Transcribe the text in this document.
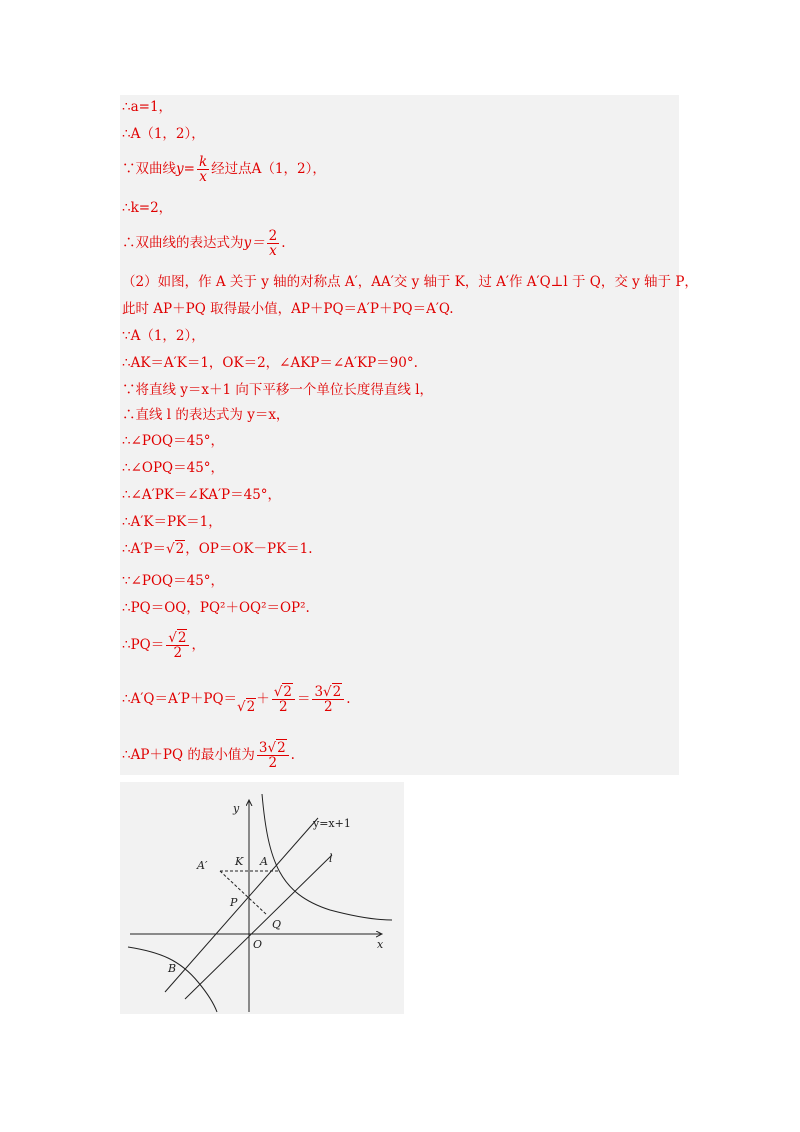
∴a=1，
∴A（1，2），
∵双曲线$y= \frac{k}{x}$ 经过点A（1，2），
∴k=2，
∴双曲线的表达式为$y= \frac{2}{x}$ .
（2）如图，作 A 关于 y 轴的对称点 A′，AA′交 y 轴于 K，过 A′作 A′Q⊥l 于 Q，交 y 轴于 P，
此时 AP＋PQ 取得最小值，AP＋PQ＝A′P＋PQ＝A′Q.
∵A（1，2），
∴AK＝A′K＝1，OK＝2，∠AKP＝∠A′KP＝90°.
∵将直线 y＝x＋1 向下平移一个单位长度得直线 l，
∴直线 l 的表达式为 y＝x，
∴∠POQ＝45°，
∴∠OPQ＝45°，
∴∠A′PK＝∠KA′P＝45°，
∴A′K＝PK＝1，
∴A′P＝√2，OP＝OK－PK＝1.
∵∠POQ＝45°，
∴PQ＝OQ，PQ²＋OQ²＝OP².
∴PQ＝ $\frac{√2}{2}$ ，
∴A′Q＝A′P＋PQ＝√2＋ $\frac{√2}{2} = \frac{3√2}{2}$ .
∴AP＋PQ 的最小值为 $\frac{3√2}{2}$ .
y
x
y=x+1
l
A′	K A
P
Q
O
B
